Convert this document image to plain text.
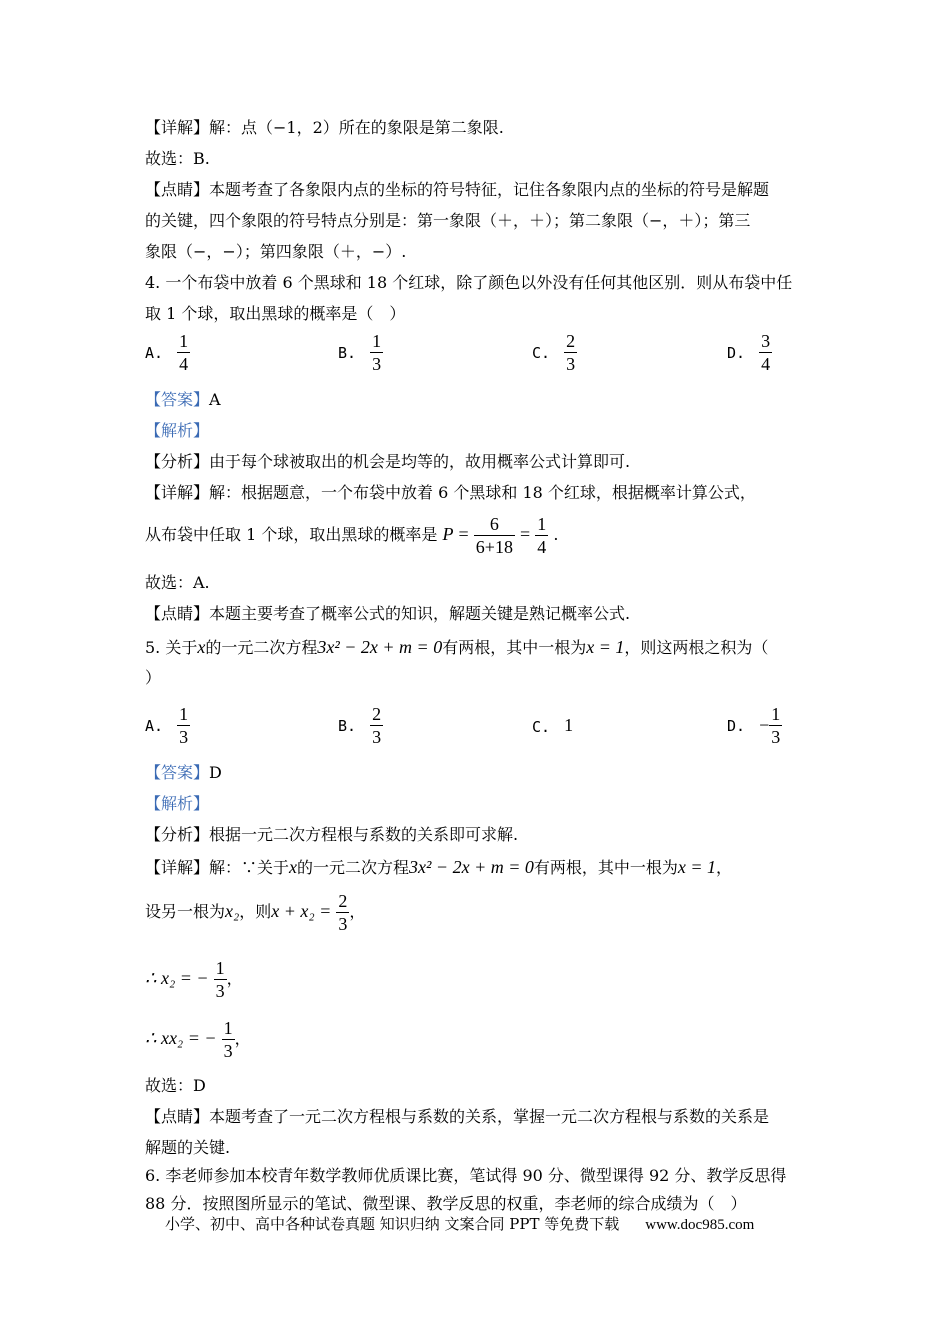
【详解】解：点（−1，2）所在的象限是第二象限.
故选：B.
【点睛】本题考查了各象限内点的坐标的符号特征，记住各象限内点的坐标的符号是解题
的关键，四个象限的符号特点分别是：第一象限（＋，＋）；第二象限（−，＋）；第三
象限（−，−）；第四象限（＋，−）.
4. 一个布袋中放着 6 个黑球和 18 个红球，除了颜色以外没有任何其他区别．则从布袋中任
取 1 个球，取出黑球的概率是（　）
A. $\frac{1}{4}$	B. $\frac{1}{3}$	C. $\frac{2}{3}$	D. $\frac{3}{4}$
【答案】A
【解析】
【分析】由于每个球被取出的机会是均等的，故用概率公式计算即可.
【详解】解：根据题意，一个布袋中放着 6 个黑球和 18 个红球，根据概率计算公式，
从布袋中任取 1 个球，取出黑球的概率是 $P = \frac{6}{6+18} = \frac{1}{4}$ .
故选：A.
【点睛】本题主要考查了概率公式的知识，解题关键是熟记概率公式.
5. 关于x的一元二次方程3x² − 2x + m = 0有两根，其中一根为x = 1，则这两根之积为（
）
A. $\frac{1}{3}$	B. $\frac{2}{3}$	C. 1	D. − $\frac{1}{3}$
【答案】D
【解析】
【分析】根据一元二次方程根与系数的关系即可求解.
【详解】解：∵关于x的一元二次方程3x² − 2x + m = 0有两根，其中一根为x = 1，
设另一根为x₂，则$x + x_2 = \frac{2}{3}$ ，
∴ x₂ = − $\frac{1}{3}$ ，
∴ xx₂ = − $\frac{1}{3}$ ，
故选：D
【点睛】本题考查了一元二次方程根与系数的关系，掌握一元二次方程根与系数的关系是
解题的关键.
6. 李老师参加本校青年数学教师优质课比赛，笔试得 90 分、微型课得 92 分、教学反思得
88 分．按照图所显示的笔试、微型课、教学反思的权重，李老师的综合成绩为（　）
小学、初中、高中各种试卷真题 知识归纳 文案合同 PPT 等免费下载 www.doc985.com
